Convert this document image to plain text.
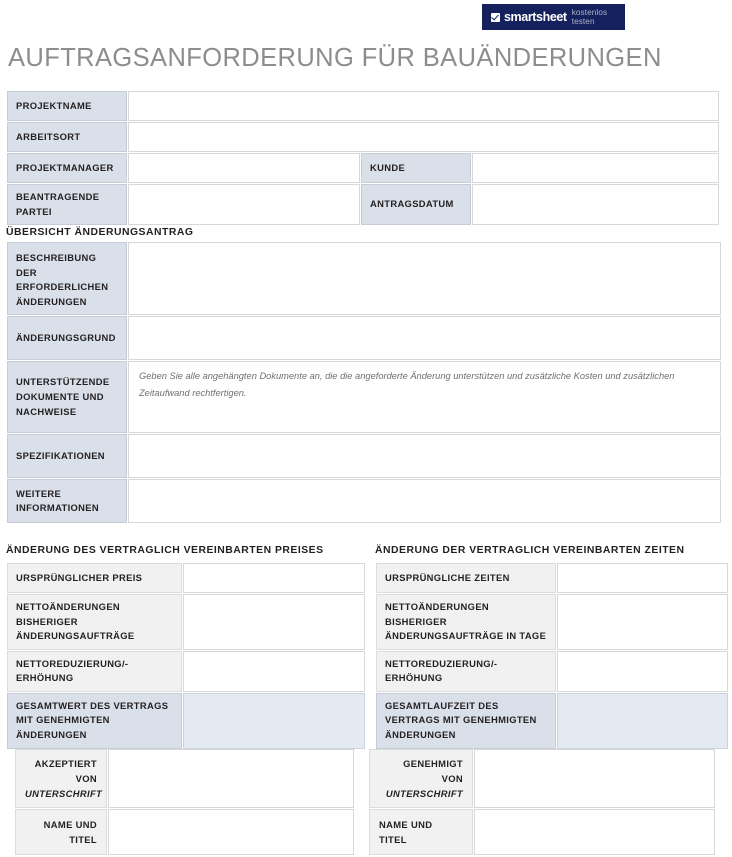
smartsheet kostenlos testen
AUFTRAGSANFORDERUNG FÜR BAUÄNDERUNGEN
PROJEKTNAME			
ARBEITSORT			
PROJEKTMANAGER		KUNDE	
BEANTRAGENDE PARTEI		ANTRAGSDATUM	
ÜBERSICHT ÄNDERUNGSANTRAG
BESCHREIBUNG DER ERFORDERLICHEN ÄNDERUNGEN	
ÄNDERUNGSGRUND	
UNTERSTÜTZENDE DOKUMENTE UND NACHWEISE	Geben Sie alle angehängten Dokumente an, die die angeforderte Änderung unterstützen und zusätzliche Kosten und zusätzlichen Zeitaufwand rechtfertigen.

SPEZIFIKATIONEN	
WEITERE INFORMATIONEN	
ÄNDERUNG DES VERTRAGLICH VEREINBARTEN PREISES
URSPRÜNGLICHER PREIS	
NETTOÄNDERUNGEN BISHERIGER ÄNDERUNGSAUFTRÄGE	
NETTOREDUZIERUNG/-ERHÖHUNG	
GESAMTWERT DES VERTRAGS MIT GENEHMIGTEN ÄNDERUNGEN	
ÄNDERUNG DER VERTRAGLICH VEREINBARTEN ZEITEN
URSPRÜNGLICHE ZEITEN	
NETTOÄNDERUNGEN BISHERIGER ÄNDERUNGSAUFTRÄGE IN TAGE	
NETTOREDUZIERUNG/-ERHÖHUNG	
GESAMTLAUFZEIT DES VERTRAGS MIT GENEHMIGTEN ÄNDERUNGEN	
AKZEPTIERT VON
UNTERSCHRIFT	
NAME UND TITEL	
GENEHMIGT VON
UNTERSCHRIFT	
NAME UND TITEL	
